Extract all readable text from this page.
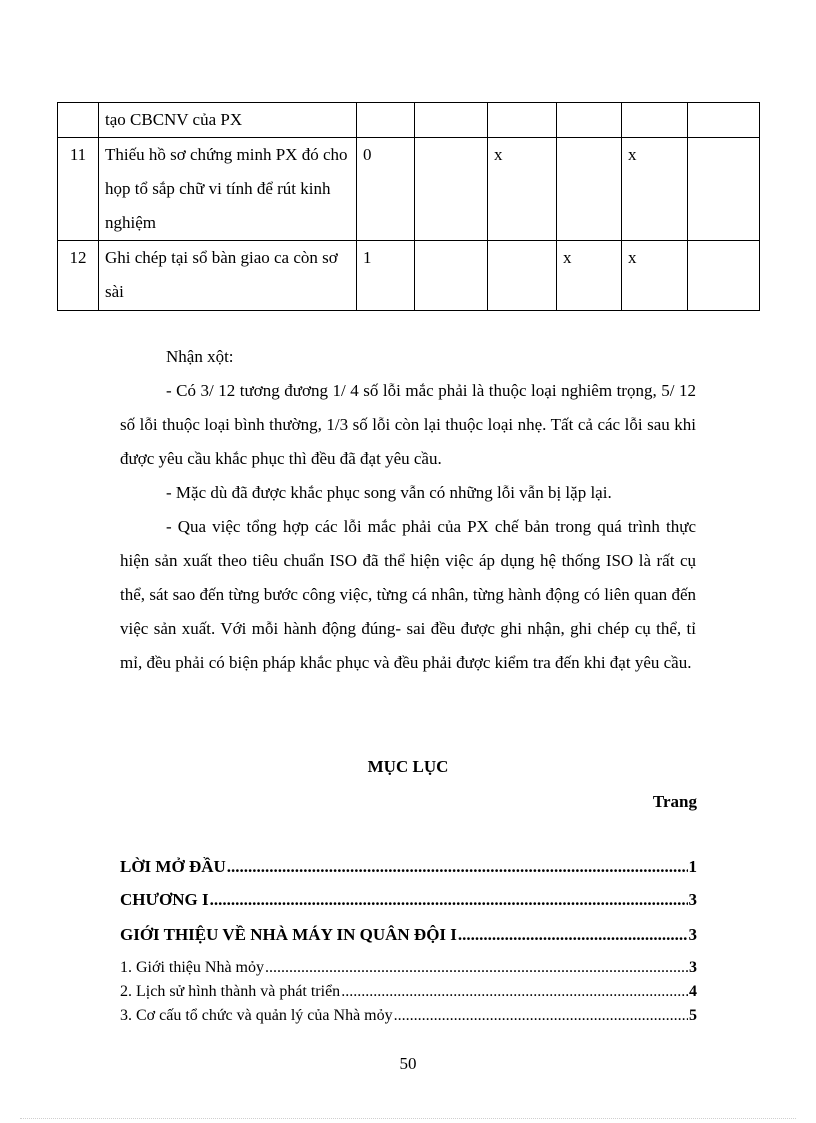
	tạo CBCNV của PX						
11	Thiếu hồ sơ chứng minh PX đó cho họp tổ sắp chữ vi tính để rút kinh nghiệm	0		x		x	
12	Ghi chép tại sổ bàn giao ca còn sơ sài	1			x	x	

Nhận xột:

- Có 3/ 12 tương đương 1/ 4 số lỗi mắc phải là thuộc loại nghiêm trọng, 5/ 12 số lỗi thuộc loại bình thường, 1/3 số lỗi còn lại thuộc loại nhẹ. Tất cả các lỗi sau khi được yêu cầu khắc phục thì đều đã đạt yêu cầu.

- Mặc dù đã được khắc phục song vẫn có những lỗi vẫn bị lặp lại.

- Qua việc tổng hợp các lỗi mắc phải của PX chế bản trong quá trình thực hiện sản xuất theo tiêu chuẩn ISO đã thể hiện việc áp dụng hệ thống ISO là rất cụ thể, sát sao đến từng bước công việc, từng cá nhân, từng hành động có liên quan đến việc sản xuất. Với mỗi hành động đúng- sai đều được ghi nhận, ghi chép cụ thể, tỉ mỉ, đều phải có biện pháp khắc phục và đều phải được kiểm tra đến khi đạt yêu cầu.

MỤC LỤC
Trang
LỜI MỞ ĐẦU .....	1
CHƯƠNG I .....	3
GIỚI THIỆU VỀ NHÀ MÁY IN QUÂN ĐỘI I .....	3
1. Giới thiệu Nhà mỏy .....	3
2. Lịch sử hình thành và phát triển .....	4
3. Cơ cấu tổ chức và quản lý của Nhà mỏy .....	5
50
